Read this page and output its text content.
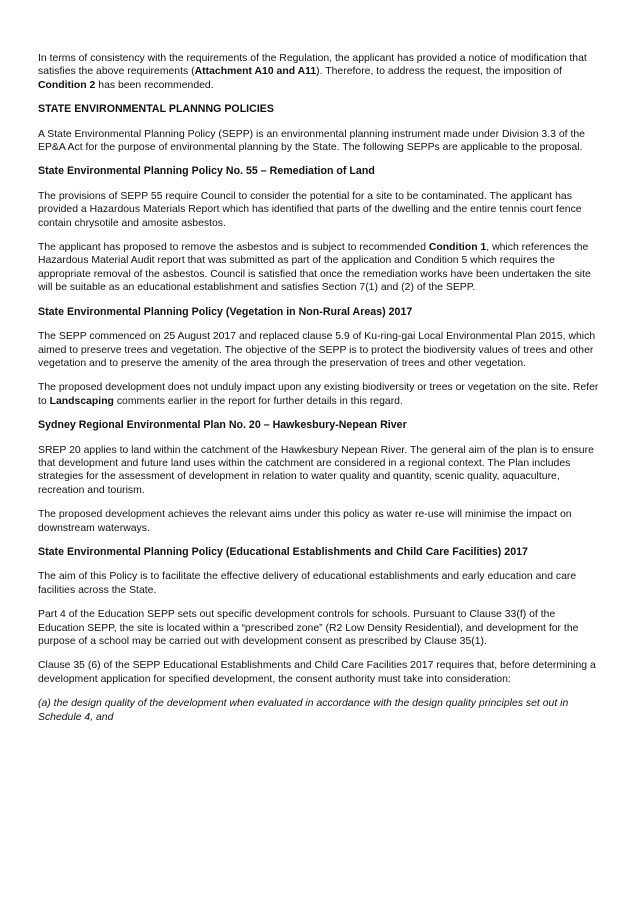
In terms of consistency with the requirements of the Regulation, the applicant has provided a notice of modification that satisfies the above requirements (Attachment A10 and A11). Therefore, to address the request, the imposition of Condition 2 has been recommended.

STATE ENVIRONMENTAL PLANNNG POLICIES

A State Environmental Planning Policy (SEPP) is an environmental planning instrument made under Division 3.3 of the EP&A Act for the purpose of environmental planning by the State. The following SEPPs are applicable to the proposal.

State Environmental Planning Policy No. 55 – Remediation of Land

The provisions of SEPP 55 require Council to consider the potential for a site to be contaminated. The applicant has provided a Hazardous Materials Report which has identified that parts of the dwelling and the entire tennis court fence contain chrysotile and amosite asbestos.

The applicant has proposed to remove the asbestos and is subject to recommended Condition 1, which references the Hazardous Material Audit report that was submitted as part of the application and Condition 5 which requires the appropriate removal of the asbestos. Council is satisfied that once the remediation works have been undertaken the site will be suitable as an educational establishment and satisfies Section 7(1) and (2) of the SEPP.

State Environmental Planning Policy (Vegetation in Non-Rural Areas) 2017

The SEPP commenced on 25 August 2017 and replaced clause 5.9 of Ku-ring-gai Local Environmental Plan 2015, which aimed to preserve trees and vegetation. The objective of the SEPP is to protect the biodiversity values of trees and other vegetation and to preserve the amenity of the area through the preservation of trees and other vegetation.

The proposed development does not unduly impact upon any existing biodiversity or trees or vegetation on the site. Refer to Landscaping comments earlier in the report for further details in this regard.

Sydney Regional Environmental Plan No. 20 – Hawkesbury-Nepean River

SREP 20 applies to land within the catchment of the Hawkesbury Nepean River. The general aim of the plan is to ensure that development and future land uses within the catchment are considered in a regional context. The Plan includes strategies for the assessment of development in relation to water quality and quantity, scenic quality, aquaculture, recreation and tourism.

The proposed development achieves the relevant aims under this policy as water re-use will minimise the impact on downstream waterways.

State Environmental Planning Policy (Educational Establishments and Child Care Facilities) 2017

The aim of this Policy is to facilitate the effective delivery of educational establishments and early education and care facilities across the State.

Part 4 of the Education SEPP sets out specific development controls for schools. Pursuant to Clause 33(f) of the Education SEPP, the site is located within a “prescribed zone” (R2 Low Density Residential), and development for the purpose of a school may be carried out with development consent as prescribed by Clause 35(1).

Clause 35 (6) of the SEPP Educational Establishments and Child Care Facilities 2017 requires that, before determining a development application for specified development, the consent authority must take into consideration:

(a) the design quality of the development when evaluated in accordance with the design quality principles set out in Schedule 4, and
